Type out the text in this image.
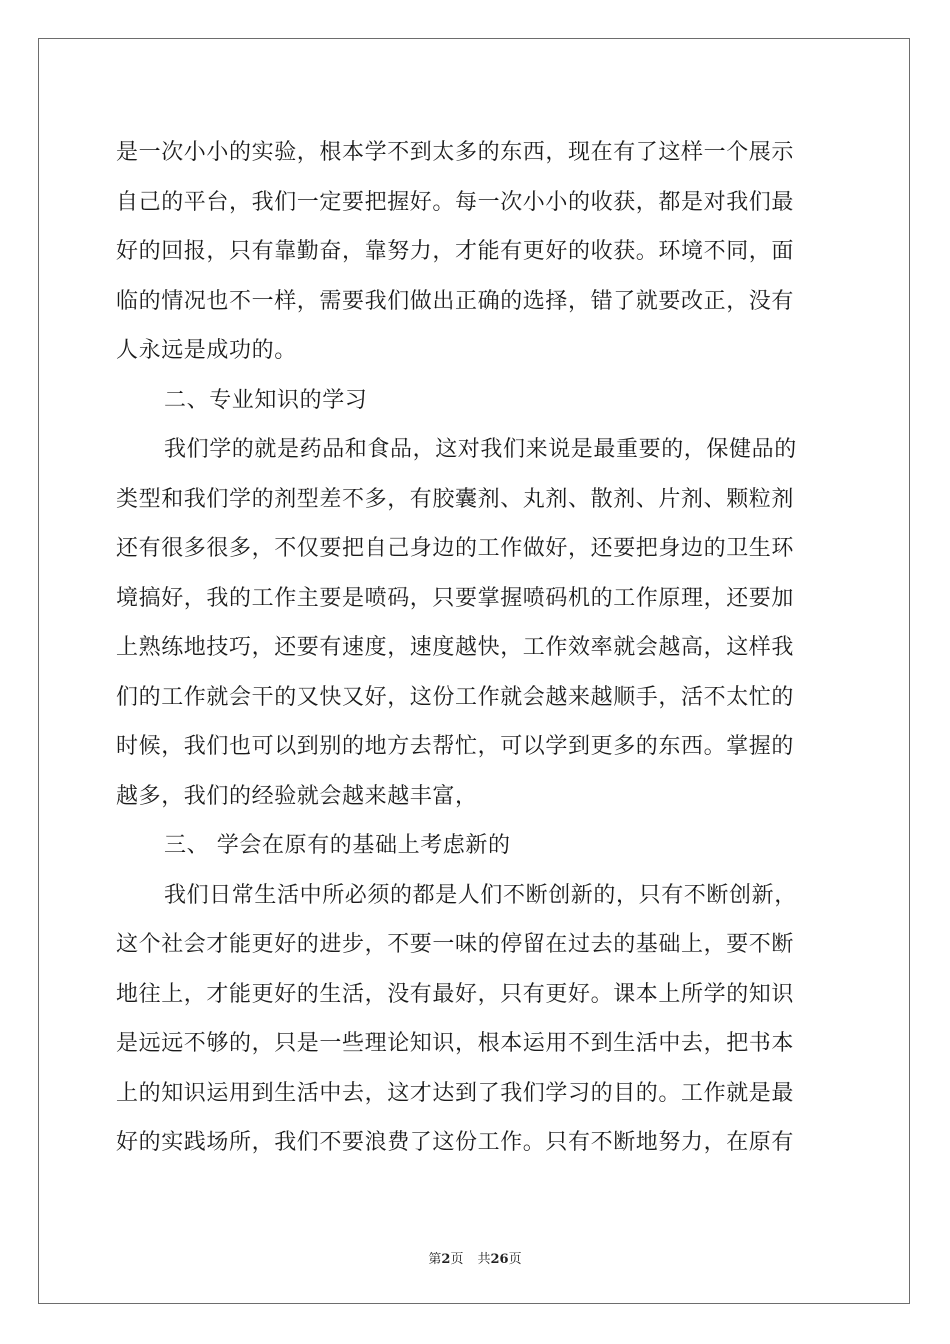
是一次小小的实验，根本学不到太多的东西，现在有了这样一个展示
自己的平台，我们一定要把握好。每一次小小的收获，都是对我们最
好的回报，只有靠勤奋，靠努力，才能有更好的收获。环境不同，面
临的情况也不一样，需要我们做出正确的选择，错了就要改正，没有
人永远是成功的。
二、专业知识的学习
我们学的就是药品和食品，这对我们来说是最重要的，保健品的
类型和我们学的剂型差不多，有胶囊剂、丸剂、散剂、片剂、颗粒剂
还有很多很多，不仅要把自己身边的工作做好，还要把身边的卫生环
境搞好，我的工作主要是喷码，只要掌握喷码机的工作原理，还要加
上熟练地技巧，还要有速度，速度越快，工作效率就会越高，这样我
们的工作就会干的又快又好，这份工作就会越来越顺手，活不太忙的
时候，我们也可以到别的地方去帮忙，可以学到更多的东西。掌握的
越多，我们的经验就会越来越丰富，
三、 学会在原有的基础上考虑新的
我们日常生活中所必须的都是人们不断创新的，只有不断创新，
这个社会才能更好的进步，不要一味的停留在过去的基础上，要不断
地往上，才能更好的生活，没有最好，只有更好。课本上所学的知识
是远远不够的，只是一些理论知识，根本运用不到生活中去，把书本
上的知识运用到生活中去，这才达到了我们学习的目的。工作就是最
好的实践场所，我们不要浪费了这份工作。只有不断地努力，在原有
第2页 共26页
